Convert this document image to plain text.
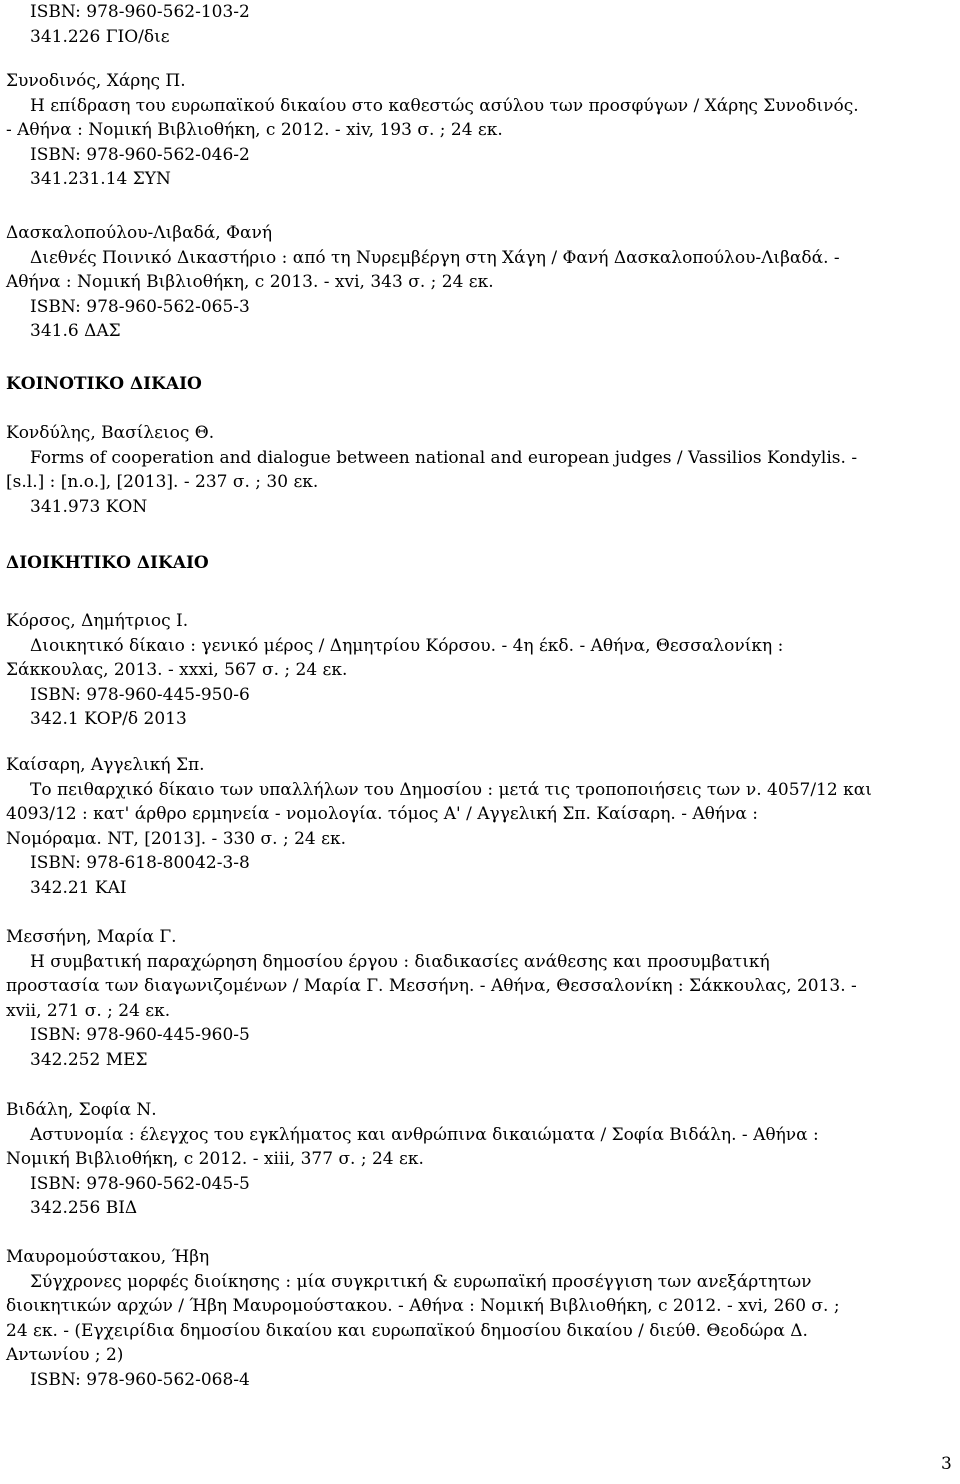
ISBN: 978-960-562-103-2
341.226 ΓΙΟ/διε
Συνοδινός, Χάρης Π.
Η επίδραση του ευρωπαϊκού δικαίου στο καθεστώς ασύλου των προσφύγων / Χάρης Συνοδινός.
- Αθήνα : Νομική Βιβλιοθήκη, c 2012. - xiv, 193 σ. ; 24 εκ.
ISBN: 978-960-562-046-2
341.231.14 ΣΥΝ
Δασκαλοπούλου-Λιβαδά, Φανή
Διεθνές Ποινικό Δικαστήριο : από τη Νυρεμβέργη στη Χάγη / Φανή Δασκαλοπούλου-Λιβαδά. -
Αθήνα : Νομική Βιβλιοθήκη, c 2013. - xvi, 343 σ. ; 24 εκ.
ISBN: 978-960-562-065-3
341.6 ΔΑΣ
ΚΟΙΝΟΤΙΚΟ ΔΙΚΑΙΟ
Κονδύλης, Βασίλειος Θ.
Forms of cooperation and dialogue between national and european judges / Vassilios Kondylis. -
[s.l.] : [n.o.], [2013]. - 237 σ. ; 30 εκ.
341.973 ΚΟΝ
ΔΙΟΙΚΗΤΙΚΟ ΔΙΚΑΙΟ
Κόρσος, Δημήτριος Ι.
Διοικητικό δίκαιο : γενικό μέρος / Δημητρίου Κόρσου. - 4η έκδ. - Αθήνα, Θεσσαλονίκη :
Σάκκουλας, 2013. - xxxi, 567 σ. ; 24 εκ.
ISBN: 978-960-445-950-6
342.1 ΚΟΡ/δ 2013
Καίσαρη, Αγγελική Σπ.
Το πειθαρχικό δίκαιο των υπαλλήλων του Δημοσίου : μετά τις τροποποιήσεις των ν. 4057/12 και
4093/12 : κατ' άρθρο ερμηνεία - νομολογία. τόμος Α' / Αγγελική Σπ. Καίσαρη. - Αθήνα :
Νομόραμα. ΝΤ, [2013]. - 330 σ. ; 24 εκ.
ISBN: 978-618-80042-3-8
342.21 ΚΑΙ
Μεσσήνη, Μαρία Γ.
Η συμβατική παραχώρηση δημοσίου έργου : διαδικασίες ανάθεσης και προσυμβατική
προστασία των διαγωνιζομένων / Μαρία Γ. Μεσσήνη. - Αθήνα, Θεσσαλονίκη : Σάκκουλας, 2013. -
xvii, 271 σ. ; 24 εκ.
ISBN: 978-960-445-960-5
342.252 ΜΕΣ
Βιδάλη, Σοφία Ν.
Αστυνομία : έλεγχος του εγκλήματος και ανθρώπινα δικαιώματα / Σοφία Βιδάλη. - Αθήνα :
Νομική Βιβλιοθήκη, c 2012. - xiii, 377 σ. ; 24 εκ.
ISBN: 978-960-562-045-5
342.256 ΒΙΔ
Μαυρομούστακου, Ήβη
Σύγχρονες μορφές διοίκησης : μία συγκριτική & ευρωπαϊκή προσέγγιση των ανεξάρτητων
διοικητικών αρχών / Ήβη Μαυρομούστακου. - Αθήνα : Νομική Βιβλιοθήκη, c 2012. - xvi, 260 σ. ;
24 εκ. - (Εγχειρίδια δημοσίου δικαίου και ευρωπαϊκού δημοσίου δικαίου / διεύθ. Θεοδώρα Δ.
Αντωνίου ; 2)
ISBN: 978-960-562-068-4
3
